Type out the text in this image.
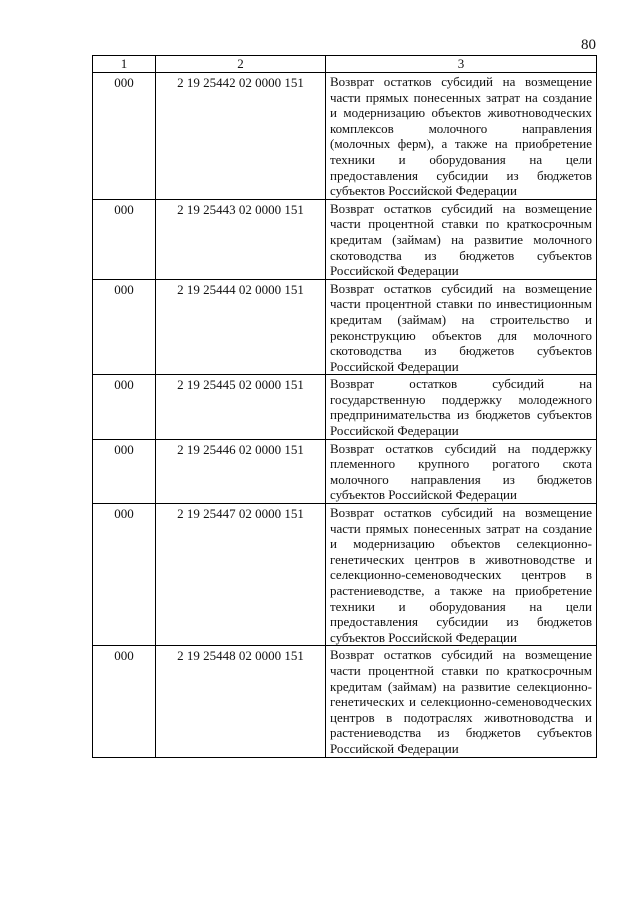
80
1	2	3
000	2 19 25442 02 0000 151	Возврат остатков субсидий на возмещение части прямых понесенных затрат на создание и модернизацию объектов животноводческих комплексов молочного направления (молочных ферм), а также на приобретение техники и оборудования на цели предоставления субсидии из бюджетов субъектов Российской Федерации
000	2 19 25443 02 0000 151	Возврат остатков субсидий на возмещение части процентной ставки по краткосрочным кредитам (займам) на развитие молочного скотоводства из бюджетов субъектов Российской Федерации
000	2 19 25444 02 0000 151	Возврат остатков субсидий на возмещение части процентной ставки по инвестиционным кредитам (займам) на строительство и реконструкцию объектов для молочного скотоводства из бюджетов субъектов Российской Федерации
000	2 19 25445 02 0000 151	Возврат остатков субсидий на государственную поддержку молодежного предпринимательства из бюджетов субъектов Российской Федерации
000	2 19 25446 02 0000 151	Возврат остатков субсидий на поддержку племенного крупного рогатого скота молочного направления из бюджетов субъектов Российской Федерации
000	2 19 25447 02 0000 151	Возврат остатков субсидий на возмещение части прямых понесенных затрат на создание и модернизацию объектов селекционно-генетических центров в животноводстве и селекционно-семеноводческих центров в растениеводстве, а также на приобретение техники и оборудования на цели предоставления субсидии из бюджетов субъектов Российской Федерации
000	2 19 25448 02 0000 151	Возврат остатков субсидий на возмещение части процентной ставки по краткосрочным кредитам (займам) на развитие селекционно-генетических и селекционно-семеноводческих центров в подотраслях животноводства и растениеводства из бюджетов субъектов Российской Федерации
